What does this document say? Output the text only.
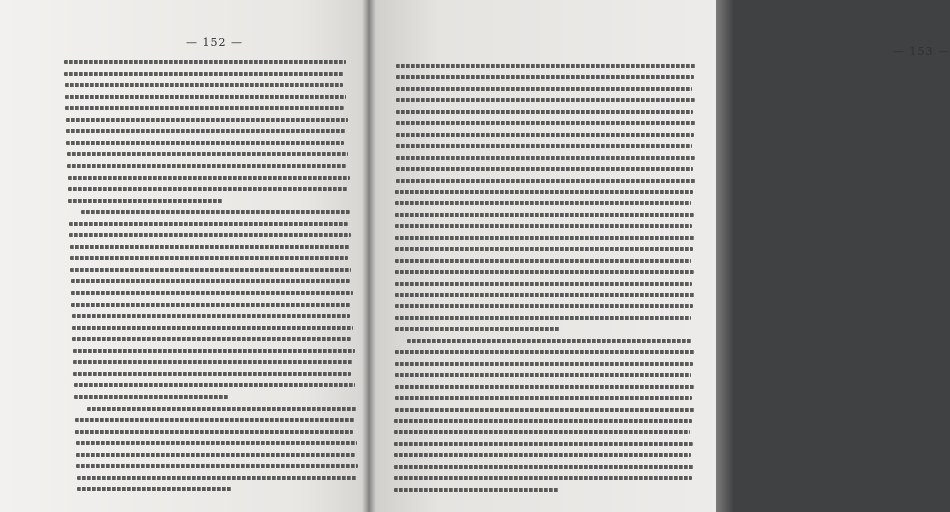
— 152 —
— 153 —
